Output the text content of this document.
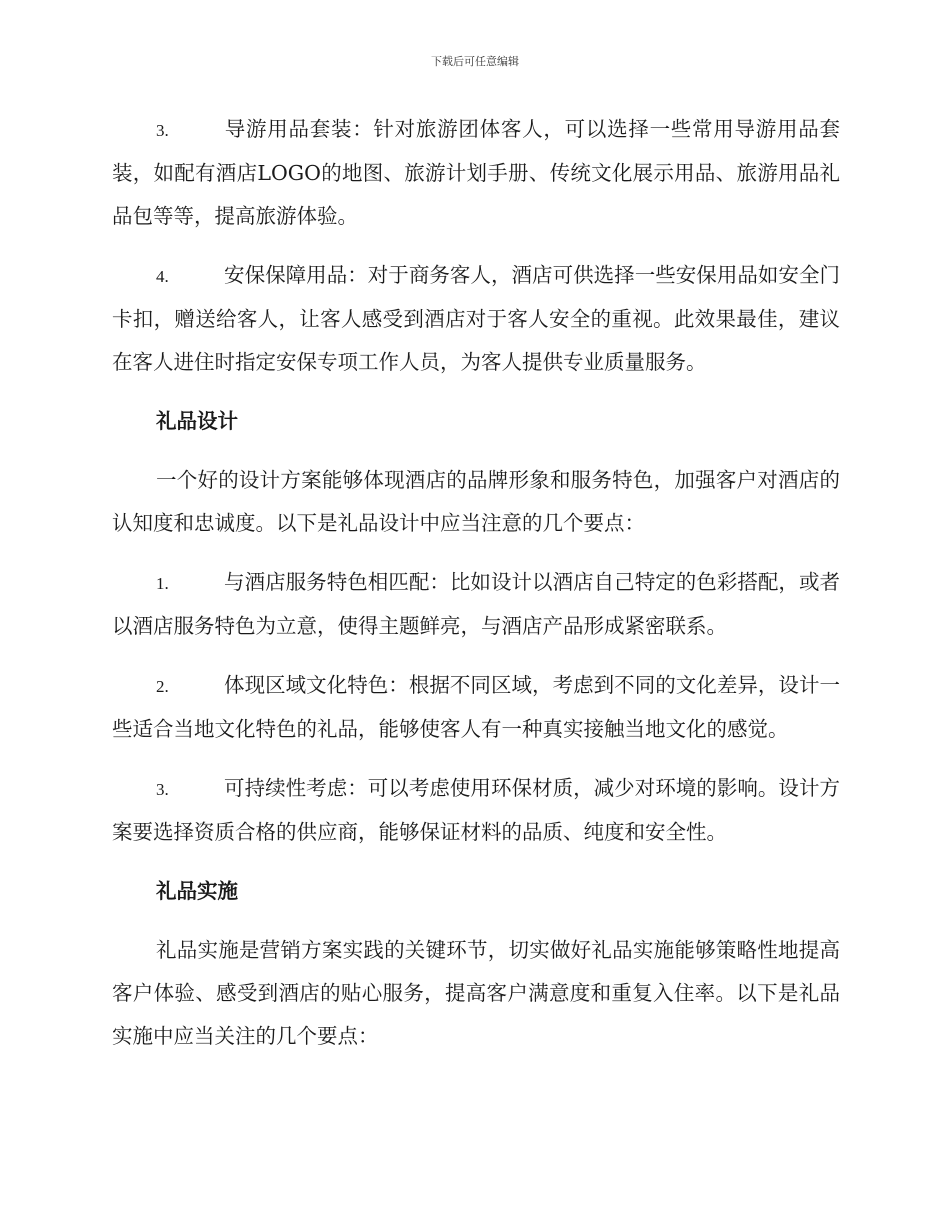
下载后可任意编辑

3.	导游用品套装：针对旅游团体客人，可以选择一些常用导游用品套装，如配有酒店LOGO的地图、旅游计划手册、传统文化展示用品、旅游用品礼品包等等，提高旅游体验。

4.	安保保障用品：对于商务客人，酒店可供选择一些安保用品如安全门卡扣，赠送给客人，让客人感受到酒店对于客人安全的重视。此效果最佳，建议在客人进住时指定安保专项工作人员，为客人提供专业质量服务。

礼品设计

一个好的设计方案能够体现酒店的品牌形象和服务特色，加强客户对酒店的认知度和忠诚度。以下是礼品设计中应当注意的几个要点：

1.	与酒店服务特色相匹配：比如设计以酒店自己特定的色彩搭配，或者以酒店服务特色为立意，使得主题鲜亮，与酒店产品形成紧密联系。

2.	体现区域文化特色：根据不同区域，考虑到不同的文化差异，设计一些适合当地文化特色的礼品，能够使客人有一种真实接触当地文化的感觉。

3.	可持续性考虑：可以考虑使用环保材质，减少对环境的影响。设计方案要选择资质合格的供应商，能够保证材料的品质、纯度和安全性。

礼品实施

礼品实施是营销方案实践的关键环节，切实做好礼品实施能够策略性地提高客户体验、感受到酒店的贴心服务，提高客户满意度和重复入住率。以下是礼品实施中应当关注的几个要点：
